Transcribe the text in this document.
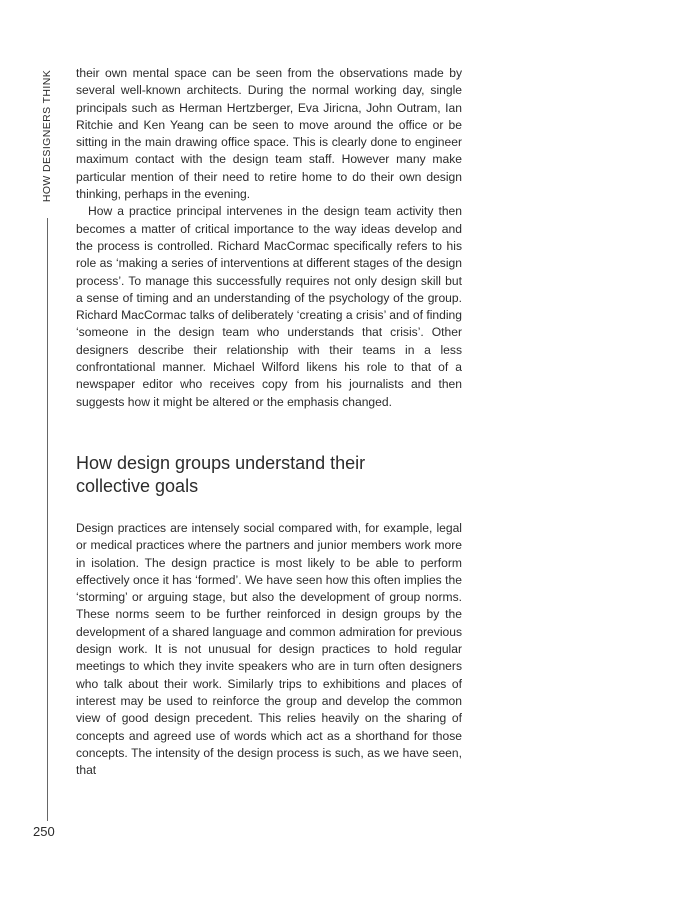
HOW DESIGNERS THINK
250

their own mental space can be seen from the observations made by several well-known architects. During the normal working day, single principals such as Herman Hertzberger, Eva Jiricna, John Outram, Ian Ritchie and Ken Yeang can be seen to move around the office or be sitting in the main drawing office space. This is clearly done to engineer maximum contact with the design team staff. However many make particular mention of their need to retire home to do their own design thinking, perhaps in the evening.

How a practice principal intervenes in the design team activity then becomes a matter of critical importance to the way ideas develop and the process is controlled. Richard MacCormac specifically refers to his role as ‘making a series of interventions at different stages of the design process’. To manage this successfully requires not only design skill but a sense of timing and an understanding of the psychology of the group. Richard MacCormac talks of deliberately ‘creating a crisis’ and of finding ‘someone in the design team who understands that crisis’. Other designers describe their relationship with their teams in a less confrontational manner. Michael Wilford likens his role to that of a newspaper editor who receives copy from his journalists and then suggests how it might be altered or the emphasis changed.

How design groups understand their collective goals

Design practices are intensely social compared with, for example, legal or medical practices where the partners and junior members work more in isolation. The design practice is most likely to be able to perform effectively once it has ‘formed’. We have seen how this often implies the ‘storming’ or arguing stage, but also the development of group norms. These norms seem to be further reinforced in design groups by the development of a shared language and common admiration for previous design work. It is not unusual for design practices to hold regular meetings to which they invite speakers who are in turn often designers who talk about their work. Similarly trips to exhibitions and places of interest may be used to reinforce the group and develop the common view of good design precedent. This relies heavily on the sharing of concepts and agreed use of words which act as a shorthand for those concepts. The intensity of the design process is such, as we have seen, that
